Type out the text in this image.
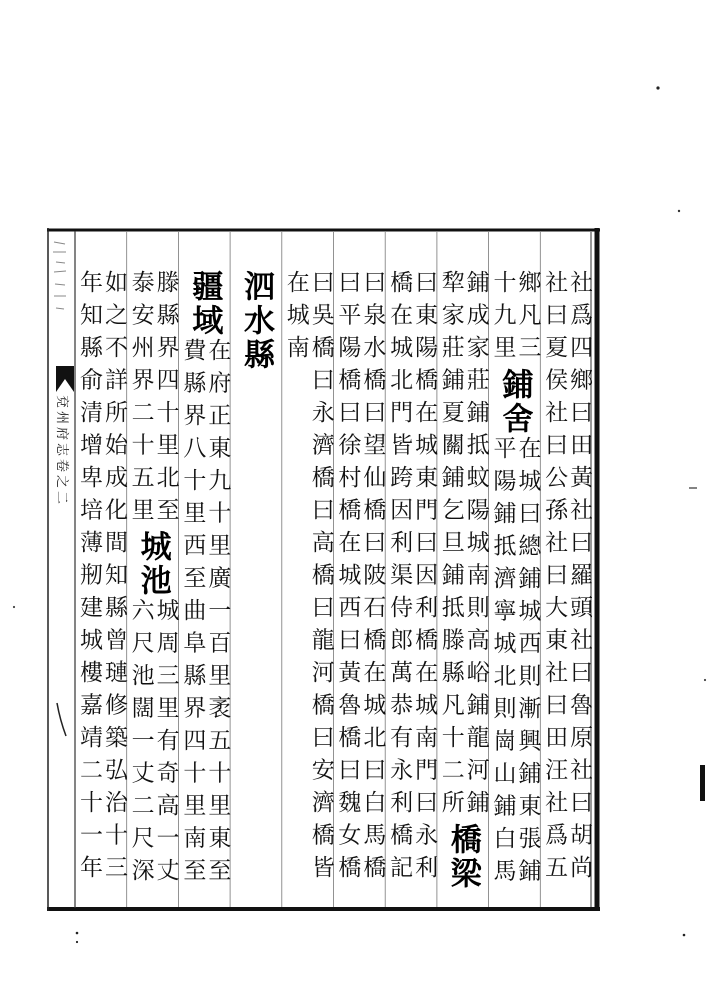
兗州府志卷之二	社爲四鄉曰田黃社曰羅頭社曰魯原社曰胡尚
社曰夏侯社曰公孫社曰大東社曰田汪社爲五
鄉凡三
十九里
鋪舍
在城曰總鋪城西則漸興鋪東張鋪
平陽鋪抵濟寧城北則崗山鋪白馬
鋪成家莊鋪抵蚊陽城南則高峪鋪龍河鋪
犂家莊鋪夏關鋪乞旦鋪抵滕縣凡十二所
橋梁
曰東陽橋在城東門曰因利橋在城南門曰永利
橋在城北門皆跨因利渠侍郎萬恭有永利橋記
曰泉水橋曰望仙橋曰陂石橋在城北曰白馬橋
曰平陽橋曰徐村橋在城西曰黃魯橋曰魏女橋
曰吳橋曰永濟橋曰高橋曰龍河橋曰安濟橋皆
在城南
泗水縣
疆域
在府正東九十里廣一百里袤五十里東至
費縣界八十里西至曲阜縣界四十里南至
滕縣界四十里北至
泰安州界二十五里
城池
城周三里有奇高一丈
六尺池闊一丈二尺深
如之不詳所始成化間知縣曾璉修築弘治十三
年知縣俞清增卑培薄剏建城樓嘉靖二十一年
